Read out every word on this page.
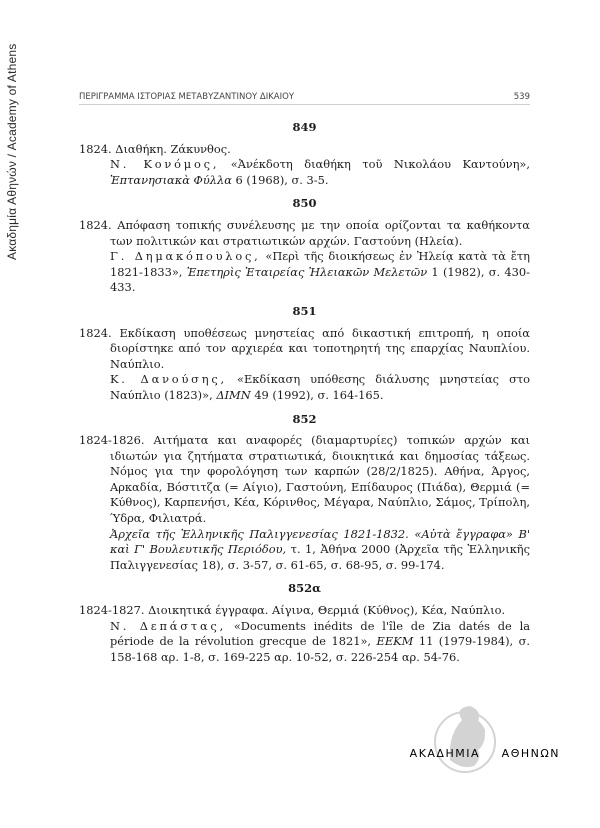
Ακαδημία Αθηνών / Academy of Athens	ΠΕΡΙΓΡΑΜΜΑ ΙΣΤΟΡΙΑΣ ΜΕΤΑΒΥΖΑΝΤΙΝΟΥ ΔΙΚΑΙΟΥ	539
849
1824. Διαθήκη. Ζάκυνθος.
Ν. Κονόμος, «Ἀνέκδοτη διαθήκη τοῦ Νικολάου Καντούνη», Ἑπτανησιακὰ Φύλλα 6 (1968), σ. 3-5.
850
1824. Απόφαση τοπικής συνέλευσης με την οποία ορίζονται τα καθήκοντα των πολιτικών και στρατιωτικών αρχών. Γαστούνη (Ηλεία).
Γ. Δημακόπουλος, «Περὶ τῆς διοικήσεως ἐν Ἠλείᾳ κατὰ τὰ ἔτη 1821-1833», Ἐπετηρὶς Ἑταιρείας Ἠλειακῶν Μελετῶν 1 (1982), σ. 430-433.
851
1824. Εκδίκαση υποθέσεως μνηστείας από δικαστική επιτροπή, η οποία διορίστηκε από τον αρχιερέα και τοποτηρητή της επαρχίας Ναυπλίου. Ναύπλιο.
Κ. Δανούσης, «Εκδίκαση υπόθεσης διάλυσης μνηστείας στο Ναύπλιο (1823)», ΔΙΜΝ 49 (1992), σ. 164-165.
852
1824-1826. Αιτήματα και αναφορές (διαμαρτυρίες) τοπικών αρχών και ιδιωτών για ζητήματα στρατιωτικά, διοικητικά και δημοσίας τάξεως. Νόμος για την φορολόγηση των καρπών (28/2/1825). Αθήνα, Άργος, Αρκαδία, Βόστιτζα (= Αίγιο), Γαστούνη, Επίδαυρος (Πιάδα), Θερμιά (= Κύθνος), Καρπενήσι, Κέα, Κόρινθος, Μέγαρα, Ναύπλιο, Σάμος, Τρίπολη, Ύδρα, Φιλιατρά.
Ἀρχεῖα τῆς Ἑλληνικῆς Παλιγγενεσίας 1821-1832. «Αὐτὰ ἔγγραφα» Β' καὶ Γ' Βουλευτικῆς Περιόδου, τ. 1, Ἀθήνα 2000 (Ἀρχεῖα τῆς Ἑλληνικῆς Παλιγγενεσίας 18), σ. 3-57, σ. 61-65, σ. 68-95, σ. 99-174.
852α
1824-1827. Διοικητικά έγγραφα. Αίγινα, Θερμιά (Κύθνος), Κέα, Ναύπλιο.
Ν. Δεπάστας, «Documents inédits de l'île de Zia datés de la période de la révolution grecque de 1821», ΕΕΚΜ 11 (1979-1984), σ. 158-168 αρ. 1-8, σ. 169-225 αρ. 10-52, σ. 226-254 αρ. 54-76.
ΑΚΑΔΗΜΙΑ ΑΘΗΝΩΝ
